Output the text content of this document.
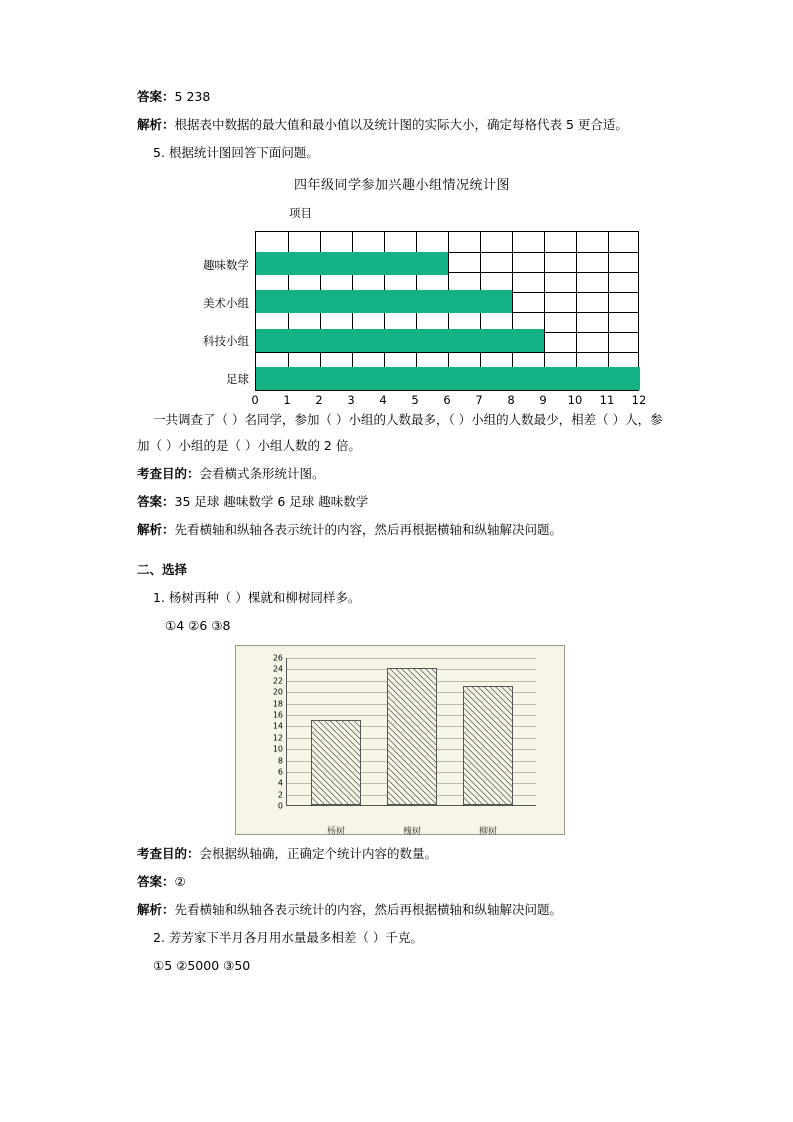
答案：5 238
解析：根据表中数据的最大值和最小值以及统计图的实际大小，确定每格代表 5 更合适。
5. 根据统计图回答下面问题。
四年级同学参加兴趣小组情况统计图
项目
趣味数学
美术小组
科技小组
足球
0 1 2 3 4 5 6 7 8 9 10 11 12
一共调查了（ ）名同学，参加（ ）小组的人数最多，（ ）小组的人数最少，相差（ ）人，参加（ ）小组的是（ ）小组人数的 2 倍。
考查目的：会看横式条形统计图。
答案：35 足球 趣味数学 6 足球 趣味数学
解析：先看横轴和纵轴各表示统计的内容，然后再根据横轴和纵轴解决问题。
二、选择
1. 杨树再种（ ）棵就和柳树同样多。
①4 ②6 ③8
26
24
22
20
18
16
14
12
10
8
6
4
2
0
杨树	槐树	柳树
考查目的：会根据纵轴确，正确定个统计内容的数量。
答案：②
解析：先看横轴和纵轴各表示统计的内容，然后再根据横轴和纵轴解决问题。
2. 芳芳家下半月各月用水量最多相差（ ）千克。
①5 ②5000 ③50
